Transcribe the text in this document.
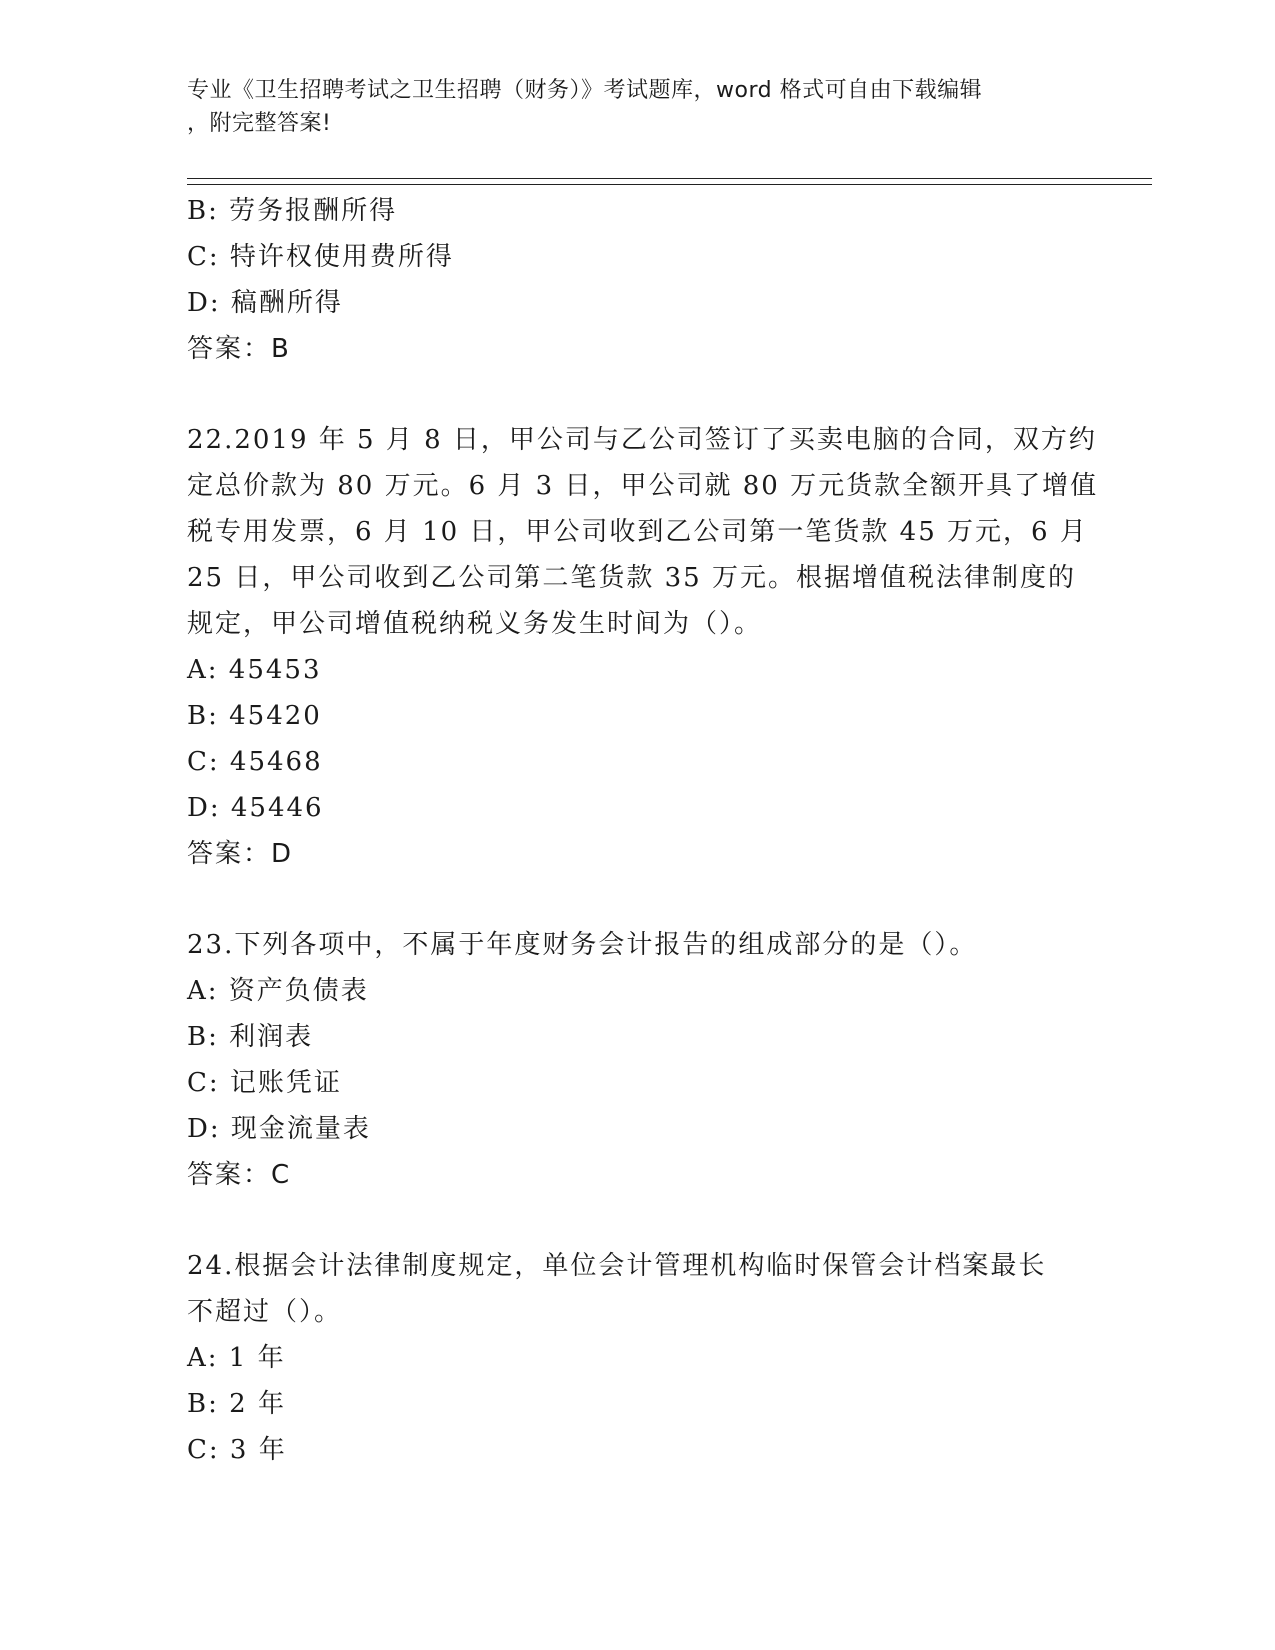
专业《卫生招聘考试之卫生招聘（财务）》考试题库，word 格式可自由下载编辑
，附完整答案!
B: 劳务报酬所得
C: 特许权使用费所得
D: 稿酬所得
答案：B
22.2019 年 5 月 8 日，甲公司与乙公司签订了买卖电脑的合同，双方约
定总价款为 80 万元。6 月 3 日，甲公司就 80 万元货款全额开具了增值
税专用发票，6 月 10 日，甲公司收到乙公司第一笔货款 45 万元，6 月
25 日，甲公司收到乙公司第二笔货款 35 万元。根据增值税法律制度的
规定，甲公司增值税纳税义务发生时间为（）。
A: 45453
B: 45420
C: 45468
D: 45446
答案：D
23.下列各项中，不属于年度财务会计报告的组成部分的是（）。
A: 资产负债表
B: 利润表
C: 记账凭证
D: 现金流量表
答案：C
24.根据会计法律制度规定，单位会计管理机构临时保管会计档案最长
不超过（）。
A: 1 年
B: 2 年
C: 3 年
